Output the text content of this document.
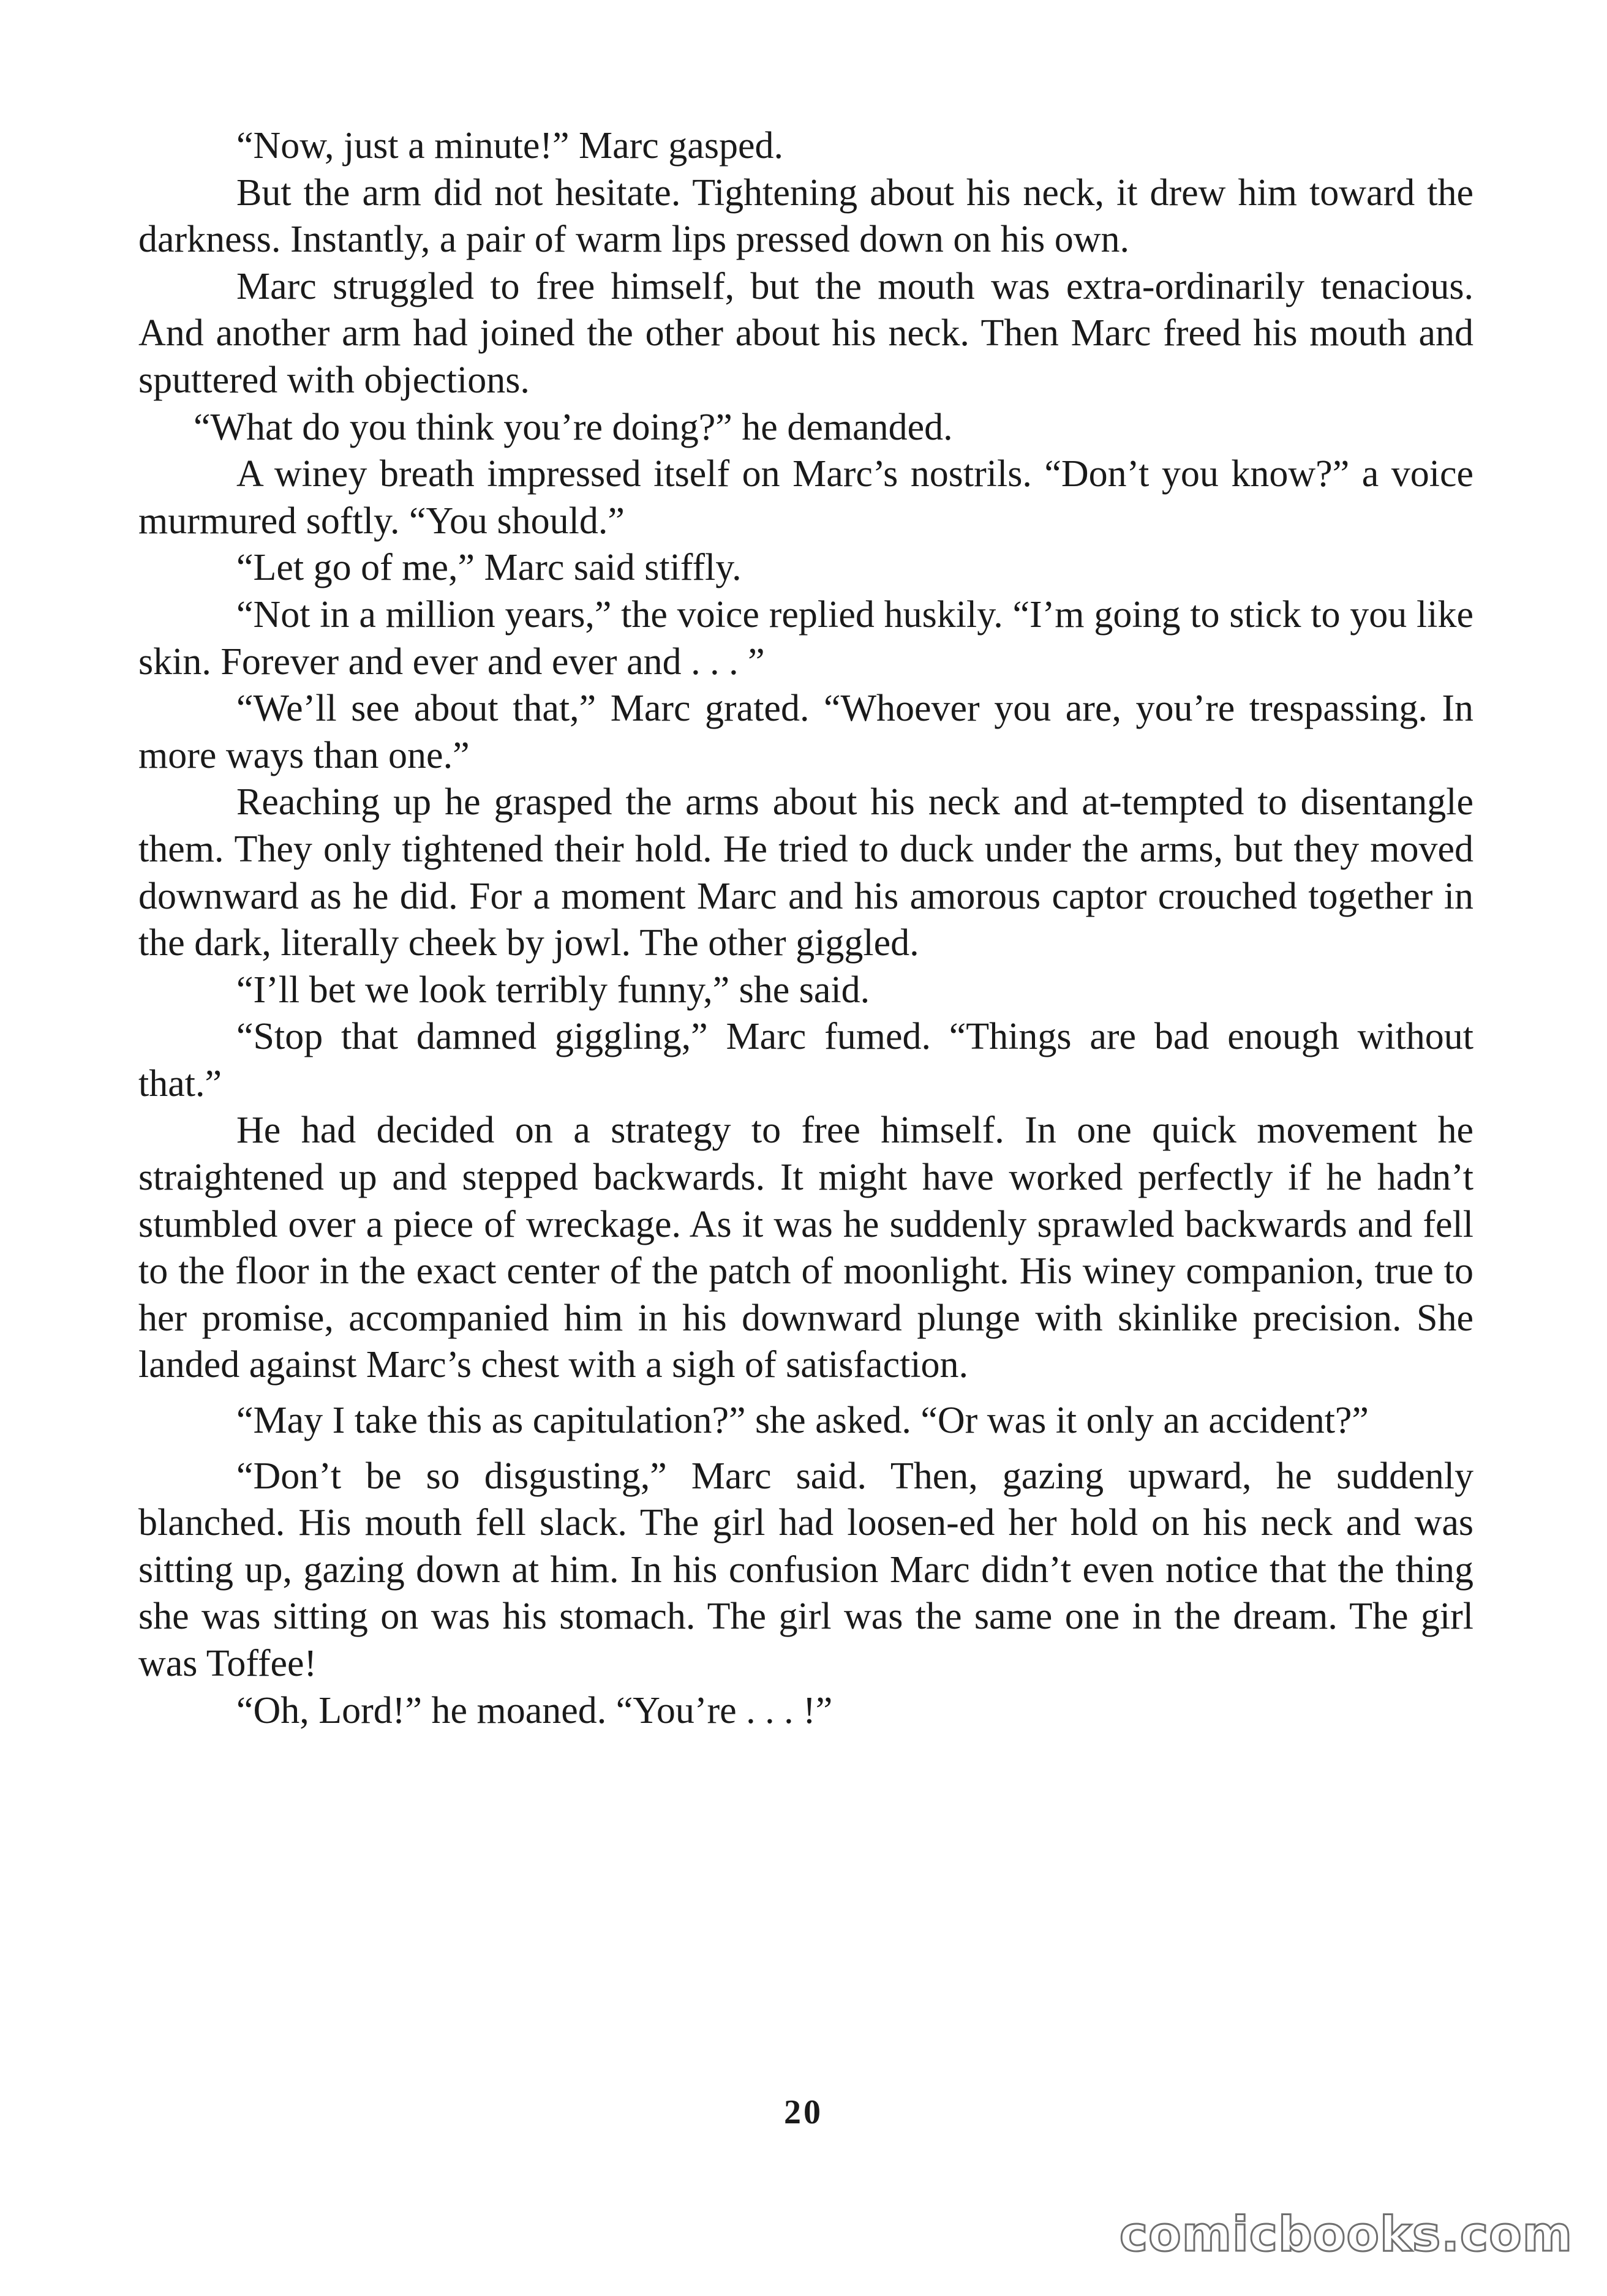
“Now, just a minute!” Marc gasped.

But the arm did not hesitate. Tightening about his neck, it drew him toward the darkness. Instantly, a pair of warm lips pressed down on his own.

Marc struggled to free himself, but the mouth was extra-ordinarily tenacious. And another arm had joined the other about his neck. Then Marc freed his mouth and sputtered with objections.

“What do you think you’re doing?” he demanded.

A winey breath impressed itself on Marc’s nostrils. “Don’t you know?” a voice murmured softly. “You should.”

“Let go of me,” Marc said stiffly.

“Not in a million years,” the voice replied huskily. “I’m going to stick to you like skin. Forever and ever and ever and . . . ”

“We’ll see about that,” Marc grated. “Whoever you are, you’re trespassing. In more ways than one.”

Reaching up he grasped the arms about his neck and at-tempted to disentangle them. They only tightened their hold. He tried to duck under the arms, but they moved downward as he did. For a moment Marc and his amorous captor crouched together in the dark, literally cheek by jowl. The other giggled.

“I’ll bet we look terribly funny,” she said.

“Stop that damned giggling,” Marc fumed. “Things are bad enough without that.”

He had decided on a strategy to free himself. In one quick movement he straightened up and stepped backwards. It might have worked perfectly if he hadn’t stumbled over a piece of wreckage. As it was he suddenly sprawled backwards and fell to the floor in the exact center of the patch of moonlight. His winey companion, true to her promise, accompanied him in his downward plunge with skinlike precision. She landed against Marc’s chest with a sigh of satisfaction.

“May I take this as capitulation?” she asked. “Or was it only an accident?”

“Don’t be so disgusting,” Marc said. Then, gazing upward, he suddenly blanched. His mouth fell slack. The girl had loosen-ed her hold on his neck and was sitting up, gazing down at him. In his confusion Marc didn’t even notice that the thing she was sitting on was his stomach. The girl was the same one in the dream. The girl was Toffee!

“Oh, Lord!” he moaned. “You’re . . . !”

20
comicbooks.com
